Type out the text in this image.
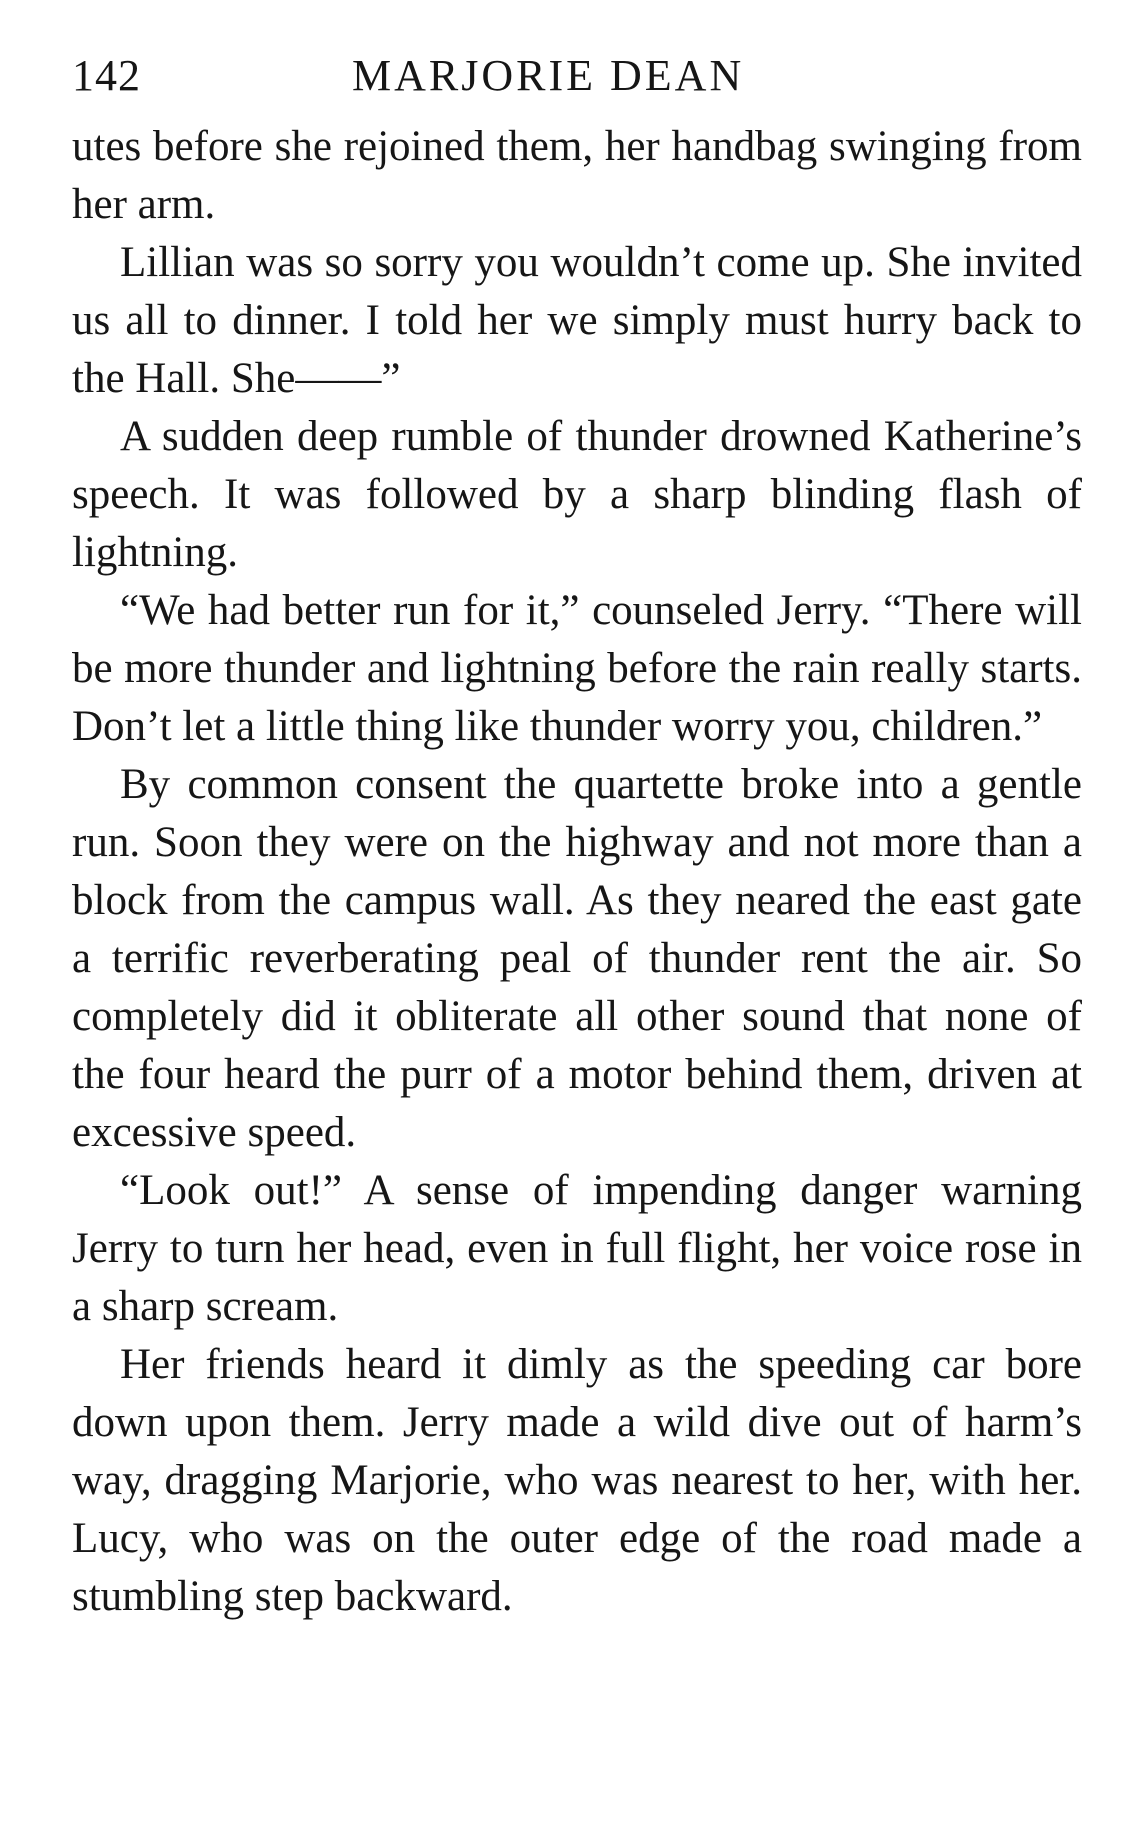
142	MARJORIE DEAN

utes before she rejoined them, her handbag swinging from her arm.

Lillian was so sorry you wouldn’t come up. She invited us all to dinner. I told her we simply must hurry back to the Hall. She——”

A sudden deep rumble of thunder drowned Katherine’s speech. It was followed by a sharp blinding flash of lightning.

“We had better run for it,” counseled Jerry. “There will be more thunder and lightning before the rain really starts. Don’t let a little thing like thunder worry you, children.”

By common consent the quartette broke into a gentle run. Soon they were on the highway and not more than a block from the campus wall. As they neared the east gate a terrific reverberating peal of thunder rent the air. So completely did it obliterate all other sound that none of the four heard the purr of a motor behind them, driven at excessive speed.

“Look out!” A sense of impending danger warning Jerry to turn her head, even in full flight, her voice rose in a sharp scream.

Her friends heard it dimly as the speeding car bore down upon them. Jerry made a wild dive out of harm’s way, dragging Marjorie, who was nearest to her, with her. Lucy, who was on the outer edge of the road made a stumbling step backward.
